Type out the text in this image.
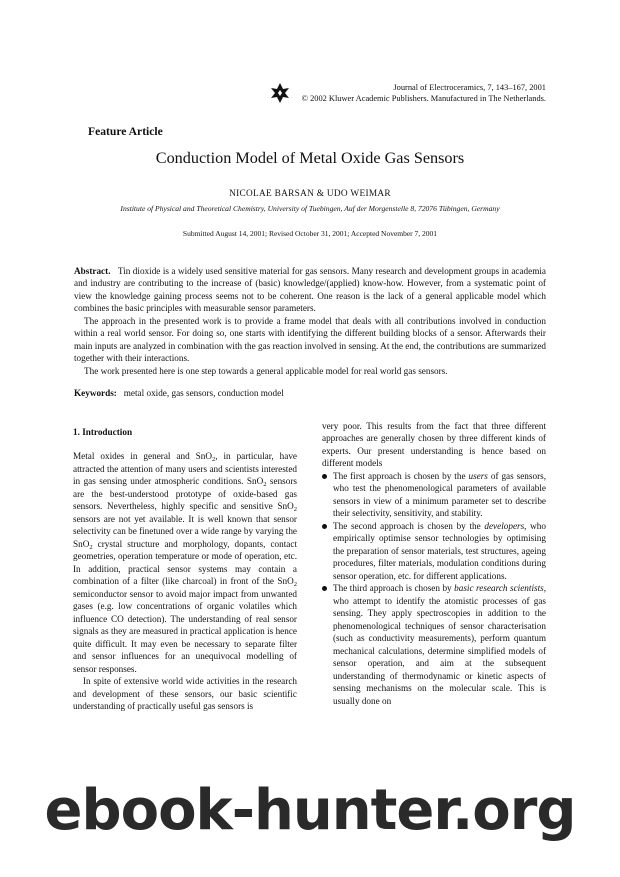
Journal of Electroceramics, 7, 143–167, 2001
© 2002 Kluwer Academic Publishers. Manufactured in The Netherlands.
Feature Article
Conduction Model of Metal Oxide Gas Sensors
NICOLAE BARSAN & UDO WEIMAR
Institute of Physical and Theoretical Chemistry, University of Tuebingen, Auf der Morgenstelle 8, 72076 Tübingen, Germany
Submitted August 14, 2001; Revised October 31, 2001; Accepted November 7, 2001

Abstract. Tin dioxide is a widely used sensitive material for gas sensors. Many research and development groups in academia and industry are contributing to the increase of (basic) knowledge/(applied) know-how. However, from a systematic point of view the knowledge gaining process seems not to be coherent. One reason is the lack of a general applicable model which combines the basic principles with measurable sensor parameters.

The approach in the presented work is to provide a frame model that deals with all contributions involved in conduction within a real world sensor. For doing so, one starts with identifying the different building blocks of a sensor. Afterwards their main inputs are analyzed in combination with the gas reaction involved in sensing. At the end, the contributions are summarized together with their interactions.

The work presented here is one step towards a general applicable model for real world gas sensors.

Keywords: metal oxide, gas sensors, conduction model

1. Introduction

Metal oxides in general and SnO$_2$, in particular, have attracted the attention of many users and scientists interested in gas sensing under atmospheric conditions. SnO$_2$ sensors are the best-understood prototype of oxide-based gas sensors. Nevertheless, highly specific and sensitive SnO$_2$ sensors are not yet available. It is well known that sensor selectivity can be finetuned over a wide range by varying the SnO$_2$ crystal structure and morphology, dopants, contact geometries, operation temperature or mode of operation, etc. In addition, practical sensor systems may contain a combination of a filter (like charcoal) in front of the SnO$_2$ semiconductor sensor to avoid major impact from unwanted gases (e.g. low concentrations of organic volatiles which influence CO detection). The understanding of real sensor signals as they are measured in practical application is hence quite difficult. It may even be necessary to separate filter and sensor influences for an unequivocal modelling of sensor responses.

In spite of extensive world wide activities in the research and development of these sensors, our basic scientific understanding of practically useful gas sensors is

very poor. This results from the fact that three different approaches are generally chosen by three different kinds of experts. Our present understanding is hence based on different models

The first approach is chosen by the users of gas sensors, who test the phenomenological parameters of available sensors in view of a minimum parameter set to describe their selectivity, sensitivity, and stability.
The second approach is chosen by the developers, who empirically optimise sensor technologies by optimising the preparation of sensor materials, test structures, ageing procedures, filter materials, modulation conditions during sensor operation, etc. for different applications.
The third approach is chosen by basic research scientists, who attempt to identify the atomistic processes of gas sensing. They apply spectroscopies in addition to the phenomenological techniques of sensor characterisation (such as conductivity measurements), perform quantum mechanical calculations, determine simplified models of sensor operation, and aim at the subsequent understanding of thermodynamic or kinetic aspects of sensing mechanisms on the molecular scale. This is usually done on
ebook-hunter.org
